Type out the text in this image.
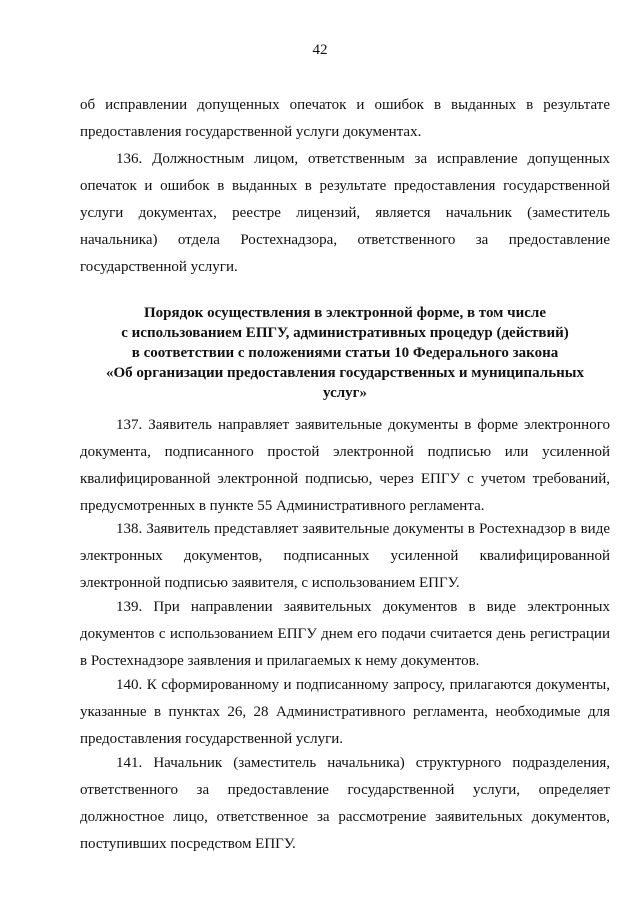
42

об исправлении допущенных опечаток и ошибок в выданных в результате предоставления государственной услуги документах.

136. Должностным лицом, ответственным за исправление допущенных опечаток и ошибок в выданных в результате предоставления государственной услуги документах, реестре лицензий, является начальник (заместитель начальника) отдела Ростехнадзора, ответственного за предоставление государственной услуги.

Порядок осуществления в электронной форме, в том числе
с использованием ЕПГУ, административных процедур (действий)
в соответствии с положениями статьи 10 Федерального закона
«Об организации предоставления государственных и муниципальных
услуг»

137. Заявитель направляет заявительные документы в форме электронного документа, подписанного простой электронной подписью или усиленной квалифицированной электронной подписью, через ЕПГУ с учетом требований, предусмотренных в пункте 55 Административного регламента.

138. Заявитель представляет заявительные документы в Ростехнадзор в виде электронных документов, подписанных усиленной квалифицированной электронной подписью заявителя, с использованием ЕПГУ.

139. При направлении заявительных документов в виде электронных документов с использованием ЕПГУ днем его подачи считается день регистрации в Ростехнадзоре заявления и прилагаемых к нему документов.

140. К сформированному и подписанному запросу, прилагаются документы, указанные в пунктах 26, 28 Административного регламента, необходимые для предоставления государственной услуги.

141. Начальник (заместитель начальника) структурного подразделения, ответственного за предоставление государственной услуги, определяет должностное лицо, ответственное за рассмотрение заявительных документов, поступивших посредством ЕПГУ.
